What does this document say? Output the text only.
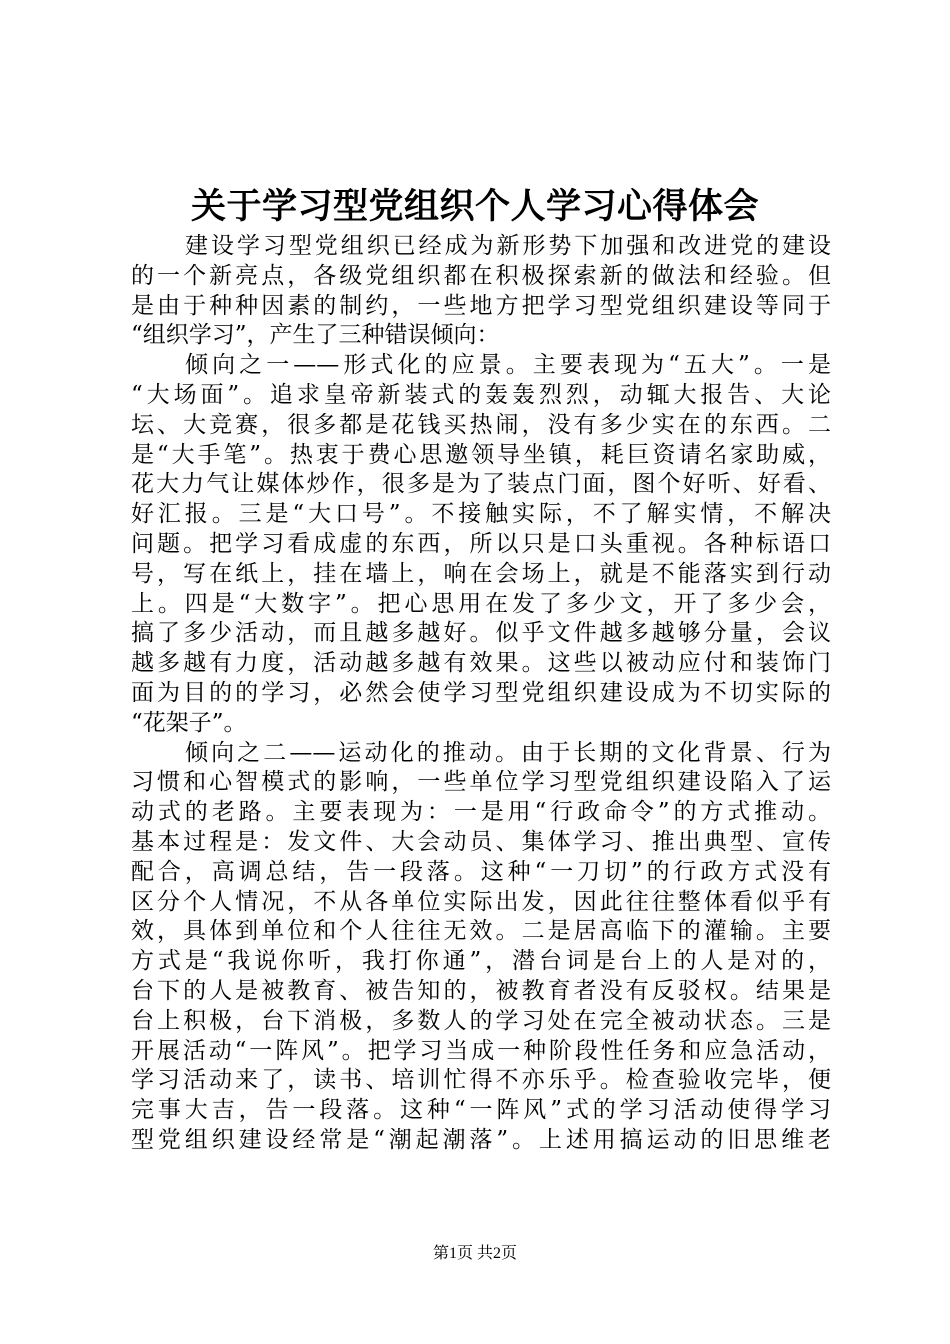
关于学习型党组织个人学习心得体会
建设学习型党组织已经成为新形势下加强和改进党的建设
的一个新亮点，各级党组织都在积极探索新的做法和经验。但
是由于种种因素的制约，一些地方把学习型党组织建设等同于
“组织学习”，产生了三种错误倾向：
倾向之一——形式化的应景。主要表现为“五大”。一是
“大场面”。追求皇帝新装式的轰轰烈烈，动辄大报告、大论
坛、大竞赛，很多都是花钱买热闹，没有多少实在的东西。二
是“大手笔”。热衷于费心思邀领导坐镇，耗巨资请名家助威，
花大力气让媒体炒作，很多是为了装点门面，图个好听、好看、
好汇报。三是“大口号”。不接触实际，不了解实情，不解决
问题。把学习看成虚的东西，所以只是口头重视。各种标语口
号，写在纸上，挂在墙上，响在会场上，就是不能落实到行动
上。四是“大数字”。把心思用在发了多少文，开了多少会，
搞了多少活动，而且越多越好。似乎文件越多越够分量，会议
越多越有力度，活动越多越有效果。这些以被动应付和装饰门
面为目的的学习，必然会使学习型党组织建设成为不切实际的
“花架子”。
倾向之二——运动化的推动。由于长期的文化背景、行为
习惯和心智模式的影响，一些单位学习型党组织建设陷入了运
动式的老路。主要表现为：一是用“行政命令”的方式推动。
基本过程是：发文件、大会动员、集体学习、推出典型、宣传
配合，高调总结，告一段落。这种“一刀切”的行政方式没有
区分个人情况，不从各单位实际出发，因此往往整体看似乎有
效，具体到单位和个人往往无效。二是居高临下的灌输。主要
方式是“我说你听，我打你通”，潜台词是台上的人是对的，
台下的人是被教育、被告知的，被教育者没有反驳权。结果是
台上积极，台下消极，多数人的学习处在完全被动状态。三是
开展活动“一阵风”。把学习当成一种阶段性任务和应急活动，
学习活动来了，读书、培训忙得不亦乐乎。检查验收完毕，便
完事大吉，告一段落。这种“一阵风”式的学习活动使得学习
型党组织建设经常是“潮起潮落”。上述用搞运动的旧思维老
第1页 共2页
